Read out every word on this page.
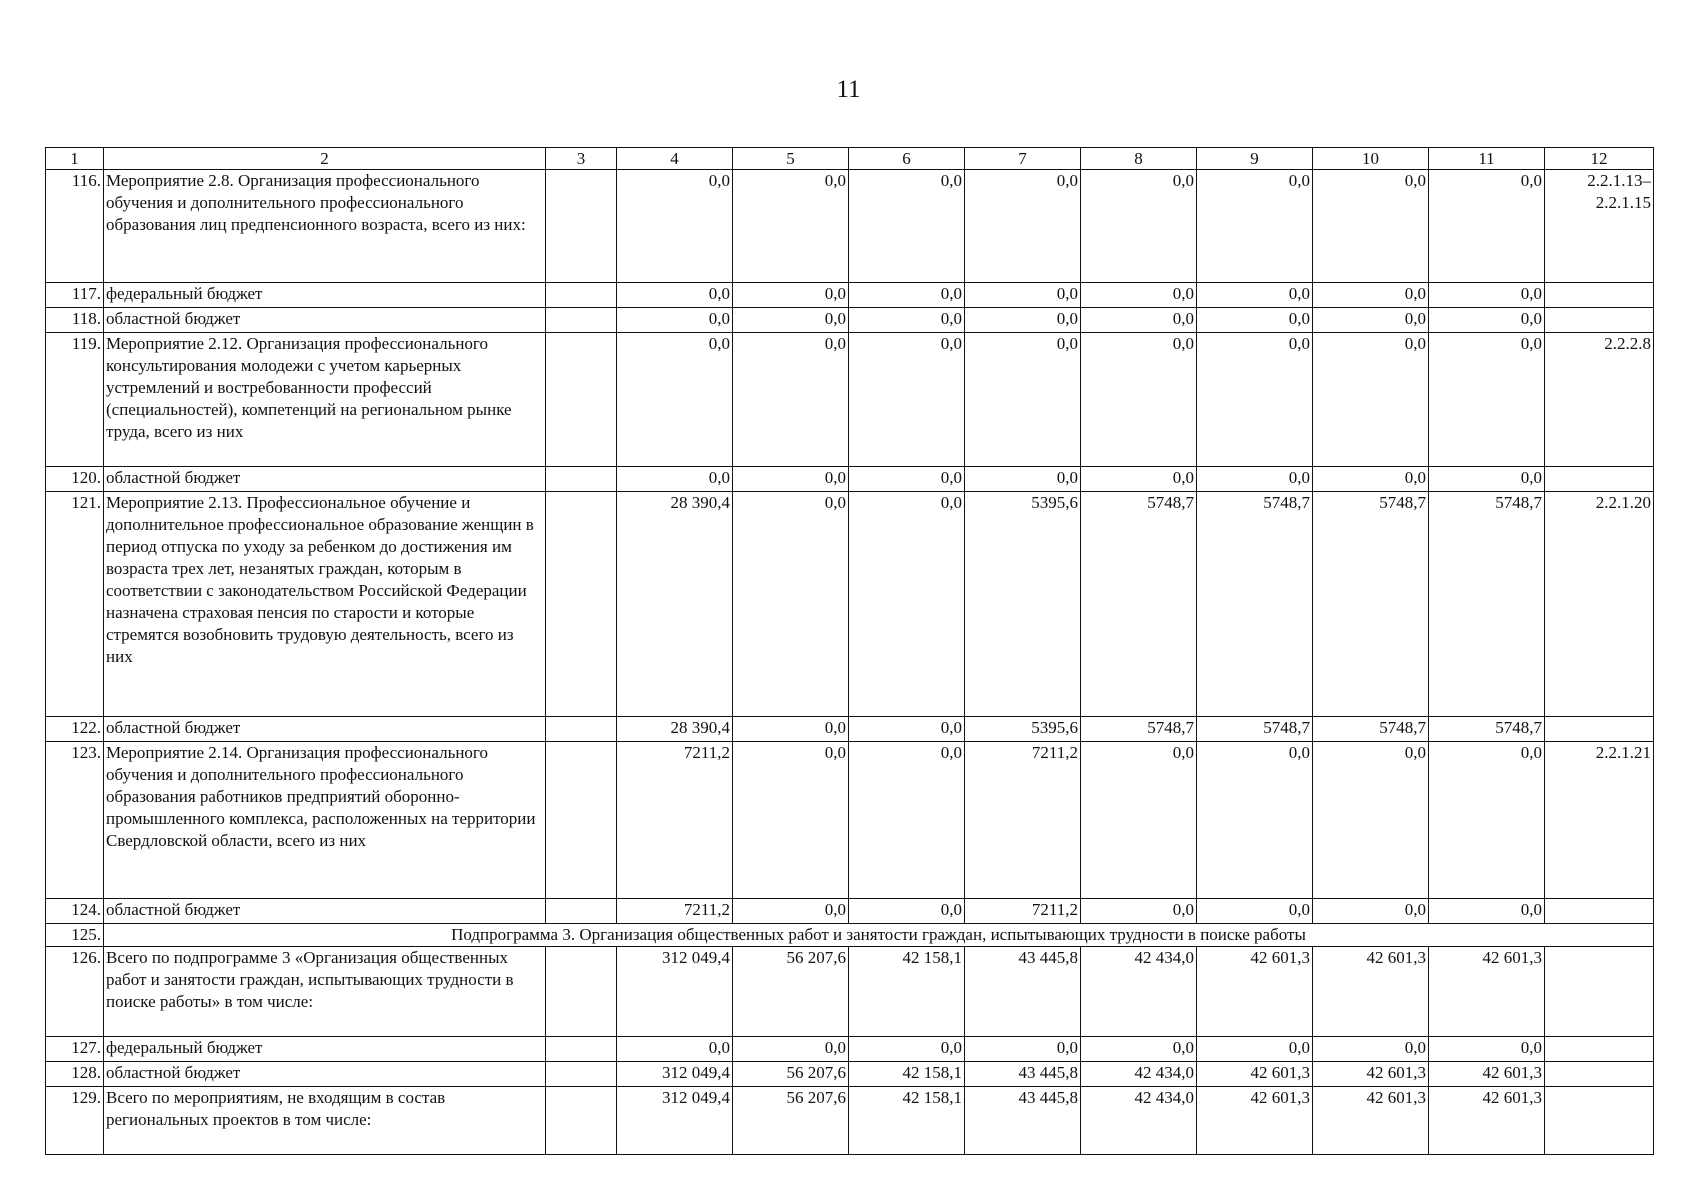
11
1	2	3	4	5	6	7	8	9	10	11	12
116.	Мероприятие 2.8. Организация профессионального обучения и дополнительного профессионального образования лиц предпенсионного возраста, всего из них:		0,0	0,0	0,0	0,0	0,0	0,0	0,0	0,0	2.2.1.13–
2.2.1.15
117.	федеральный бюджет		0,0	0,0	0,0	0,0	0,0	0,0	0,0	0,0	
118.	областной бюджет		0,0	0,0	0,0	0,0	0,0	0,0	0,0	0,0	
119.	Мероприятие 2.12. Организация профессионального консультирования молодежи с учетом карьерных устремлений и востребованности профессий (специальностей), компетенций на региональном рынке труда, всего из них		0,0	0,0	0,0	0,0	0,0	0,0	0,0	0,0	2.2.2.8
120.	областной бюджет		0,0	0,0	0,0	0,0	0,0	0,0	0,0	0,0	
121.	Мероприятие 2.13. Профессиональное обучение и дополнительное профессиональное образование женщин в период отпуска по уходу за ребенком до достижения им возраста трех лет, незанятых граждан, которым в соответствии с законодательством Российской Федерации назначена страховая пенсия по старости и которые стремятся возобновить трудовую деятельность, всего из них		28 390,4	0,0	0,0	5395,6	5748,7	5748,7	5748,7	5748,7	2.2.1.20
122.	областной бюджет		28 390,4	0,0	0,0	5395,6	5748,7	5748,7	5748,7	5748,7	
123.	Мероприятие 2.14. Организация профессионального обучения и дополнительного профессионального образования работников предприятий оборонно-промышленного комплекса, расположенных на территории Свердловской области, всего из них		7211,2	0,0	0,0	7211,2	0,0	0,0	0,0	0,0	2.2.1.21
124.	областной бюджет		7211,2	0,0	0,0	7211,2	0,0	0,0	0,0	0,0	
125.	Подпрограмма 3. Организация общественных работ и занятости граждан, испытывающих трудности в поиске работы										
126.	Всего по подпрограмме 3 «Организация общественных работ и занятости граждан, испытывающих трудности в поиске работы» в том числе:		312 049,4	56 207,6	42 158,1	43 445,8	42 434,0	42 601,3	42 601,3	42 601,3	
127.	федеральный бюджет		0,0	0,0	0,0	0,0	0,0	0,0	0,0	0,0	
128.	областной бюджет		312 049,4	56 207,6	42 158,1	43 445,8	42 434,0	42 601,3	42 601,3	42 601,3	
129.	Всего по мероприятиям, не входящим в состав региональных проектов в том числе:		312 049,4	56 207,6	42 158,1	43 445,8	42 434,0	42 601,3	42 601,3	42 601,3	
